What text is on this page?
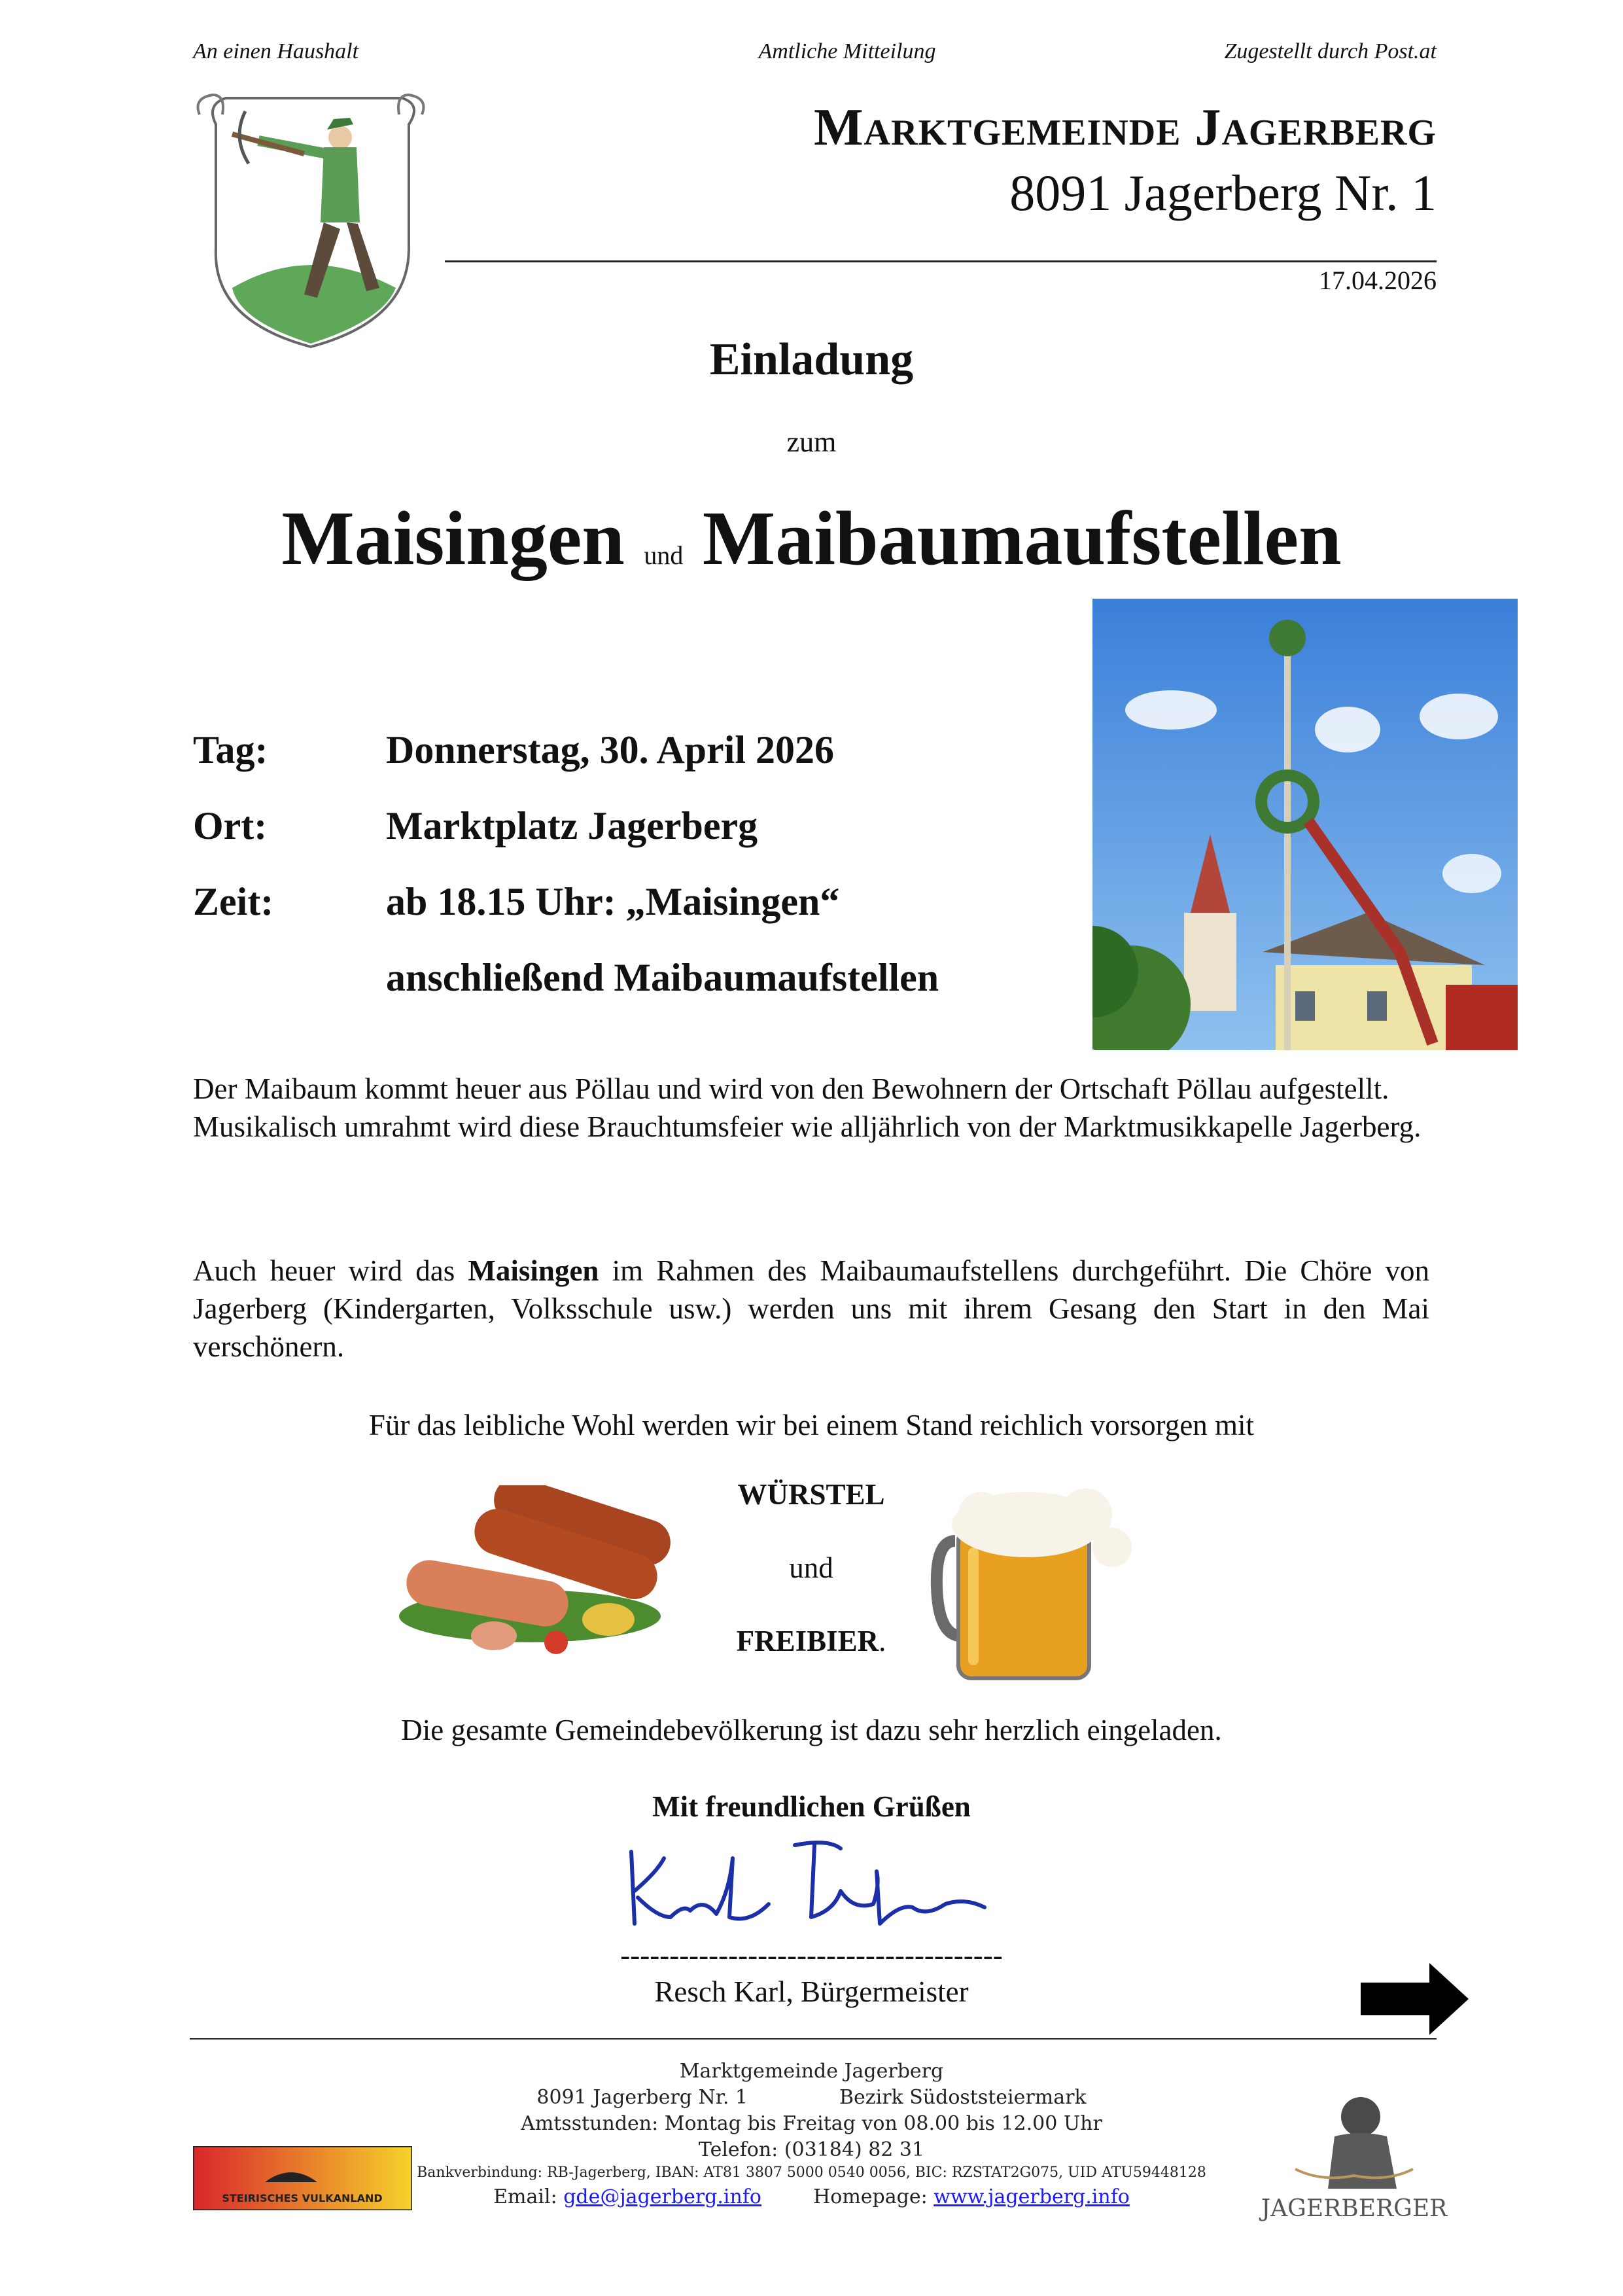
An einen Haushalt	Amtliche Mitteilung	Zugestellt durch Post.at
Marktgemeinde Jagerberg
8091 Jagerberg Nr. 1
17.04.2026
Einladung
zum
Maisingen und Maibaumaufstellen
Tag:	Donnerstag, 30. April 2026
Ort:	Marktplatz Jagerberg
Zeit:	ab 18.15 Uhr: „Maisingen“
anschließend Maibaumaufstellen

Der Maibaum kommt heuer aus Pöllau und wird von den Bewohnern der Ortschaft Pöllau aufgestellt.

Musikalisch umrahmt wird diese Brauchtumsfeier wie alljährlich von der Marktmusikkapelle Jagerberg.

Auch heuer wird das Maisingen im Rahmen des Maibaumaufstellens durchgeführt. Die Chöre von Jagerberg (Kindergarten, Volksschule usw.) werden uns mit ihrem Gesang den Start in den Mai verschönern.

Für das leibliche Wohl werden wir bei einem Stand reichlich vorsorgen mit
WÜRSTEL
und
FREIBIER.
Die gesamte Gemeindebevölkerung ist dazu sehr herzlich eingeladen.
Mit freundlichen Grüßen
---------------------------------------
Resch Karl, Bürgermeister
Marktgemeinde Jagerberg
8091 Jagerberg Nr. 1	Bezirk Südoststeiermark
Amtsstunden: Montag bis Freitag von 08.00 bis 12.00 Uhr
Telefon: (03184) 82 31
Bankverbindung: RB-Jagerberg, IBAN: AT81 3807 5000 0540 0056, BIC: RZSTAT2G075, UID ATU59448128
Email: gde@jagerberg.info	Homepage: www.jagerberg.info
STEIRISCHES VULKANLAND	JAGERBERGER
